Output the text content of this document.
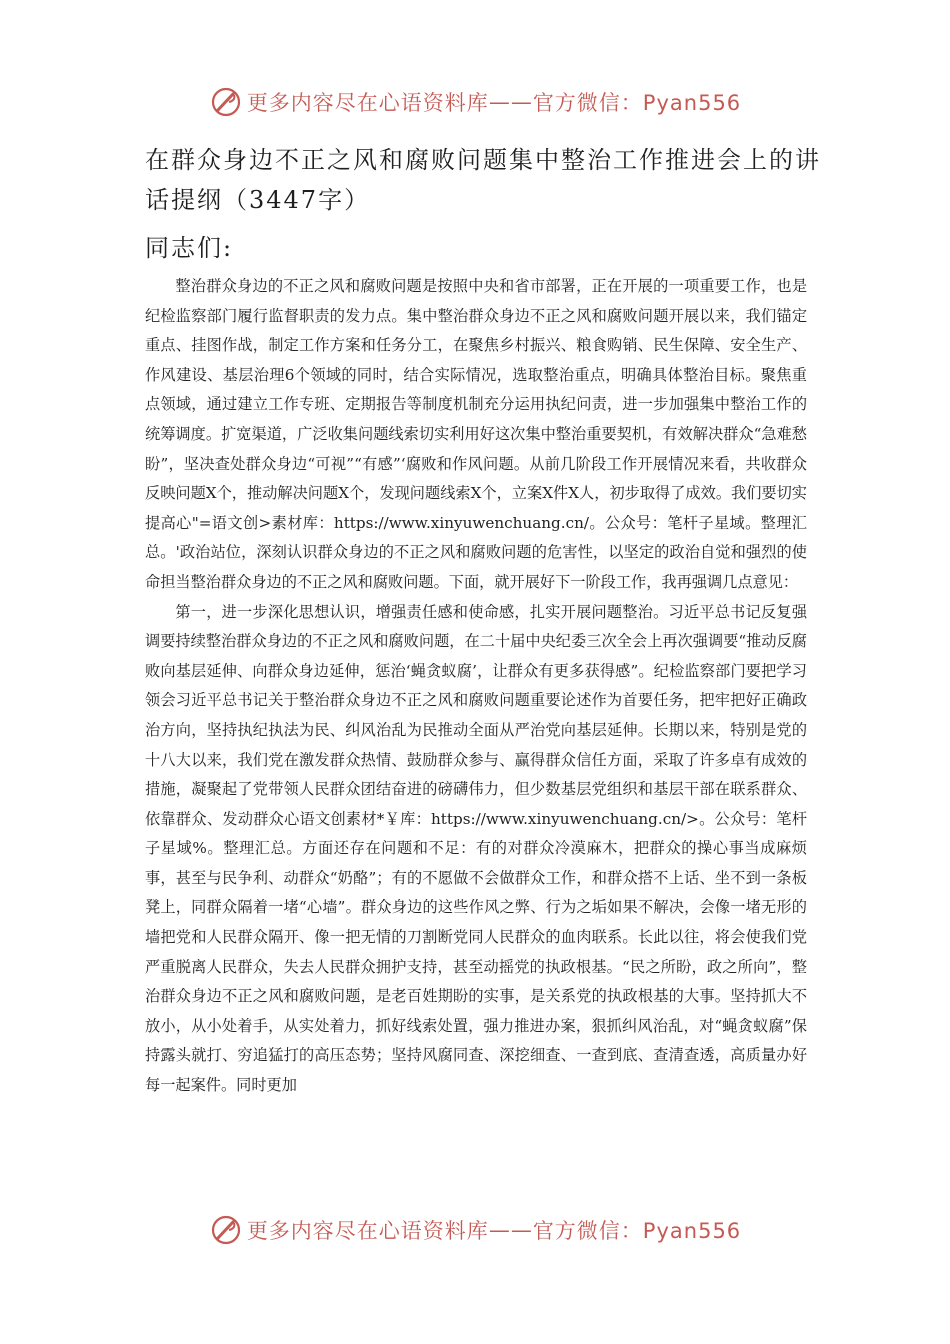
更多内容尽在心语资料库 —— 官方微信：Pyan556
在群众身边不正之风和腐败问题集中整治工作推进会上的讲话提纲（3447字）
同志们:

整治群众身边的不正之风和腐败问题是按照中央和省市部署，正在开展的一项重要工作，也是纪检监察部门履行监督职责的发力点。集中整治群众身边不正之风和腐败问题开展以来，我们锚定重点、挂图作战，制定工作方案和任务分工，在聚焦乡村振兴、粮食购销、民生保障、安全生产、作风建设、基层治理6个领域的同时，结合实际情况，选取整治重点，明确具体整治目标。聚焦重点领域，通过建立工作专班、定期报告等制度机制充分运用执纪问责，进一步加强集中整治工作的统筹调度。扩宽渠道，广泛收集问题线索切实利用好这次集中整治重要契机，有效解决群众“急难愁盼”，坚决查处群众身边“可视”“有感”‘腐败和作风问题。从前几阶段工作开展情况来看，共收群众反映问题X个，推动解决问题X个，发现问题线索X个，立案X件X人，初步取得了成效。我们要切实提高心"=语文创>素材库：https://www.xinyuwenchuang.cn/。公众号：笔杆子星域。整理汇总。'政治站位，深刻认识群众身边的不正之风和腐败问题的危害性，以坚定的政治自觉和强烈的使命担当整治群众身边的不正之风和腐败问题。下面，就开展好下一阶段工作，我再强调几点意见：

第一，进一步深化思想认识，增强责任感和使命感，扎实开展问题整治。习近平总书记反复强调要持续整治群众身边的不正之风和腐败问题，在二十届中央纪委三次全会上再次强调要“推动反腐败向基层延伸、向群众身边延伸，惩治‘蝇贪蚁腐’，让群众有更多获得感”。纪检监察部门要把学习领会习近平总书记关于整治群众身边不正之风和腐败问题重要论述作为首要任务，把牢把好正确政治方向，坚持执纪执法为民、纠风治乱为民推动全面从严治党向基层延伸。长期以来，特别是党的十八大以来，我们党在激发群众热情、鼓励群众参与、赢得群众信任方面，采取了许多卓有成效的措施，凝聚起了党带领人民群众团结奋进的磅礴伟力，但少数基层党组织和基层干部在联系群众、依靠群众、发动群众心语文创素材*￥库：https://www.xinyuwenchuang.cn/>。公众号：笔杆子星域%。整理汇总。方面还存在问题和不足：有的对群众冷漠麻木，把群众的操心事当成麻烦事，甚至与民争利、动群众“奶酪”；有的不愿做不会做群众工作，和群众搭不上话、坐不到一条板凳上，同群众隔着一堵“心墙”。群众身边的这些作风之弊、行为之垢如果不解决，会像一堵无形的墙把党和人民群众隔开、像一把无情的刀割断党同人民群众的血肉联系。长此以往，将会使我们党严重脱离人民群众，失去人民群众拥护支持，甚至动摇党的执政根基。“民之所盼，政之所向”，整治群众身边不正之风和腐败问题，是老百姓期盼的实事，是关系党的执政根基的大事。坚持抓大不放小，从小处着手，从实处着力，抓好线索处置，强力推进办案，狠抓纠风治乱，对“蝇贪蚁腐”保持露头就打、穷追猛打的高压态势；坚持风腐同查、深挖细查、一查到底、查清查透，高质量办好每一起案件。同时更加

更多内容尽在心语资料库 —— 官方微信：Pyan556
